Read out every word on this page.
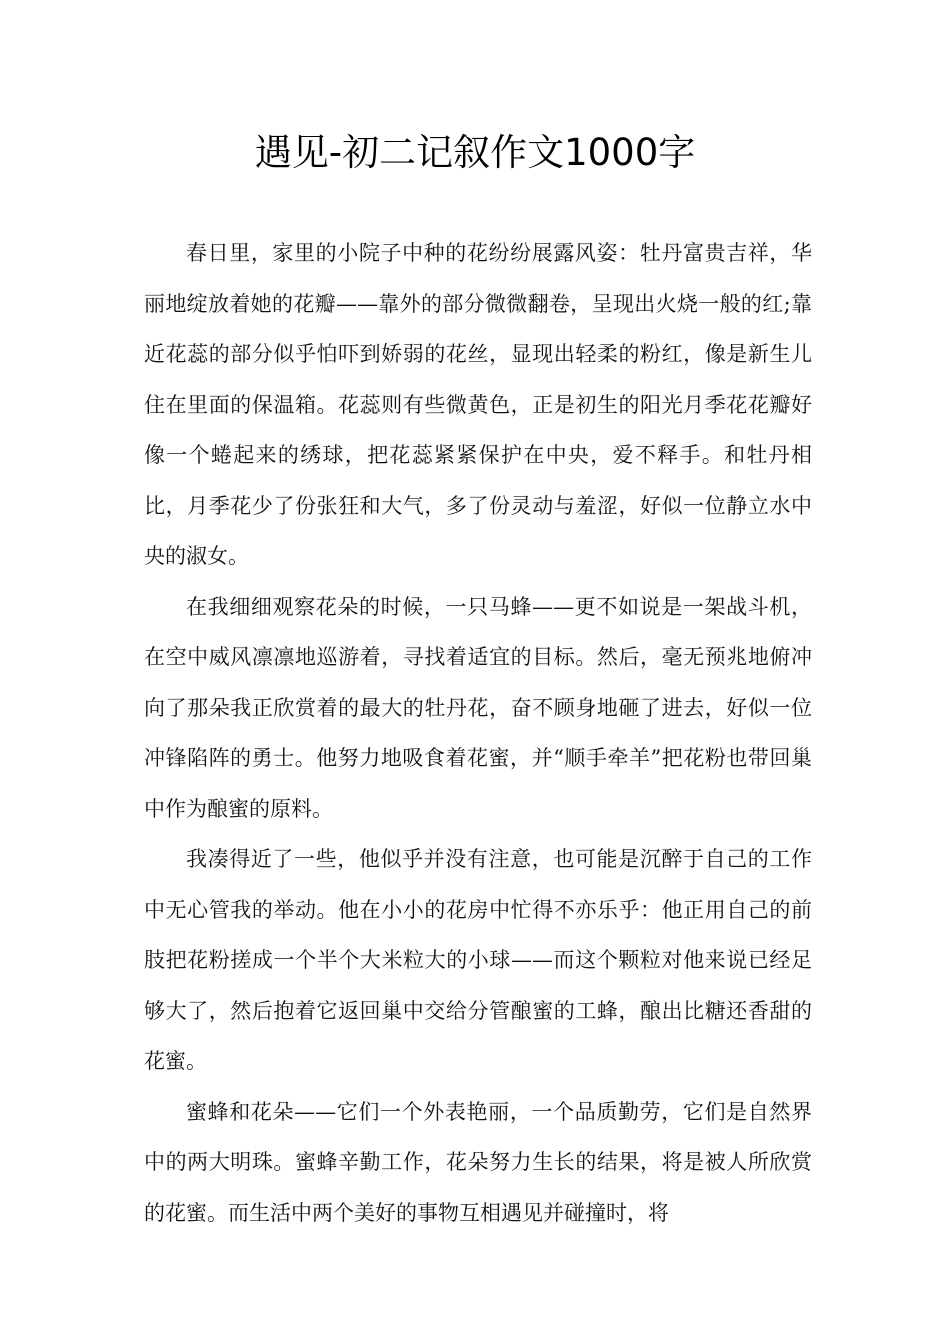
遇见-初二记叙作文1000字

春日里，家里的小院子中种的花纷纷展露风姿：牡丹富贵吉祥，华丽地绽放着她的花瓣——靠外的部分微微翻卷，呈现出火烧一般的红;靠近花蕊的部分似乎怕吓到娇弱的花丝，显现出轻柔的粉红，像是新生儿住在里面的保温箱。花蕊则有些微黄色，正是初生的阳光月季花花瓣好像一个蜷起来的绣球，把花蕊紧紧保护在中央，爱不释手。和牡丹相比，月季花少了份张狂和大气，多了份灵动与羞涩，好似一位静立水中央的淑女。

在我细细观察花朵的时候，一只马蜂——更不如说是一架战斗机，在空中威风凛凛地巡游着，寻找着适宜的目标。然后，毫无预兆地俯冲向了那朵我正欣赏着的最大的牡丹花，奋不顾身地砸了进去，好似一位冲锋陷阵的勇士。他努力地吸食着花蜜，并“顺手牵羊”把花粉也带回巢中作为酿蜜的原料。

我凑得近了一些，他似乎并没有注意，也可能是沉醉于自己的工作中无心管我的举动。他在小小的花房中忙得不亦乐乎：他正用自己的前肢把花粉搓成一个半个大米粒大的小球——而这个颗粒对他来说已经足够大了，然后抱着它返回巢中交给分管酿蜜的工蜂，酿出比糖还香甜的花蜜。

蜜蜂和花朵——它们一个外表艳丽，一个品质勤劳，它们是自然界中的两大明珠。蜜蜂辛勤工作，花朵努力生长的结果，将是被人所欣赏的花蜜。而生活中两个美好的事物互相遇见并碰撞时，将
